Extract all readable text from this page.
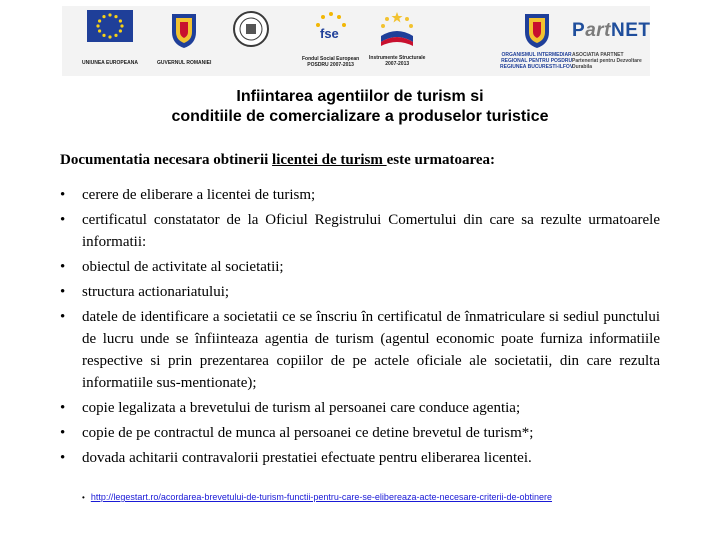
UNIUNEA EUROPEANA	GUVERNUL ROMANIEI
fse
Fondul Social European
POSDRU 2007-2013
Instrumente Structurale
2007-2013
ORGANISMUL INTERMEDIAR
REGIONAL PENTRU POSDRU
REGIUNEA BUCURESTI-ILFOV
PartNET
ASOCIATIA PARTNET
Parteneriat pentru Dezvoltare Durabila
Infiintarea agentiilor de turism si
conditiile de comercializare a produselor turistice
Documentatia necesara obtinerii licentei de turism este urmatoarea:
• cerere de eliberare a licentei de turism;
• certificatul constatator de la Oficiul Registrului Comertului din care sa rezulte urmatoarele informatii:
• obiectul de activitate al societatii;
• structura actionariatului;
• datele de identificare a societatii ce se înscriu în certificatul de înmatriculare si sediul punctului de lucru unde se înfiinteaza agentia de turism (agentul economic poate furniza informatiile respective si prin prezentarea copiilor de pe actele oficiale ale societatii, din care rezulta informatiile sus-mentionate);
• copie legalizata a brevetului de turism al persoanei care conduce agentia;
• copie de pe contractul de munca al persoanei ce detine brevetul de turism*;
• dovada achitarii contravalorii prestatiei efectuate pentru eliberarea licentei.
• http://legestart.ro/acordarea-brevetului-de-turism-functii-pentru-care-se-elibereaza-acte-necesare-criterii-de-obtinere
